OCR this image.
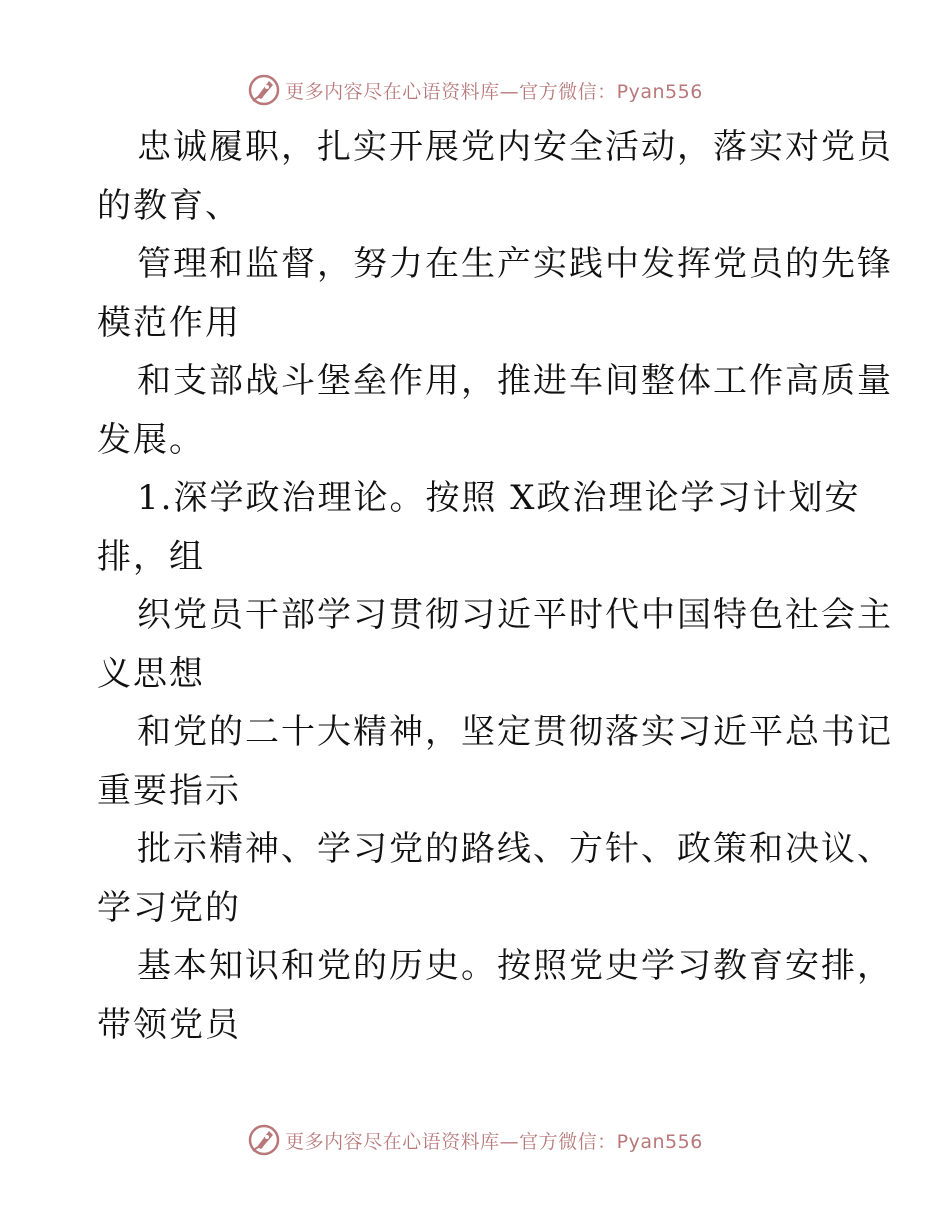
更多内容尽在心语资料库—官方微信：Pyan556
忠诚履职，扎实开展党内安全活动，落实对党员
的教育、
管理和监督，努力在生产实践中发挥党员的先锋
模范作用
和支部战斗堡垒作用，推进车间整体工作高质量
发展。
1.深学政治理论。按照 X政治理论学习计划安
排，组
织党员干部学习贯彻习近平时代中国特色社会主
义思想
和党的二十大精神，坚定贯彻落实习近平总书记
重要指示
批示精神、学习党的路线、方针、政策和决议、
学习党的
基本知识和党的历史。按照党史学习教育安排，
带领党员
更多内容尽在心语资料库—官方微信：Pyan556
